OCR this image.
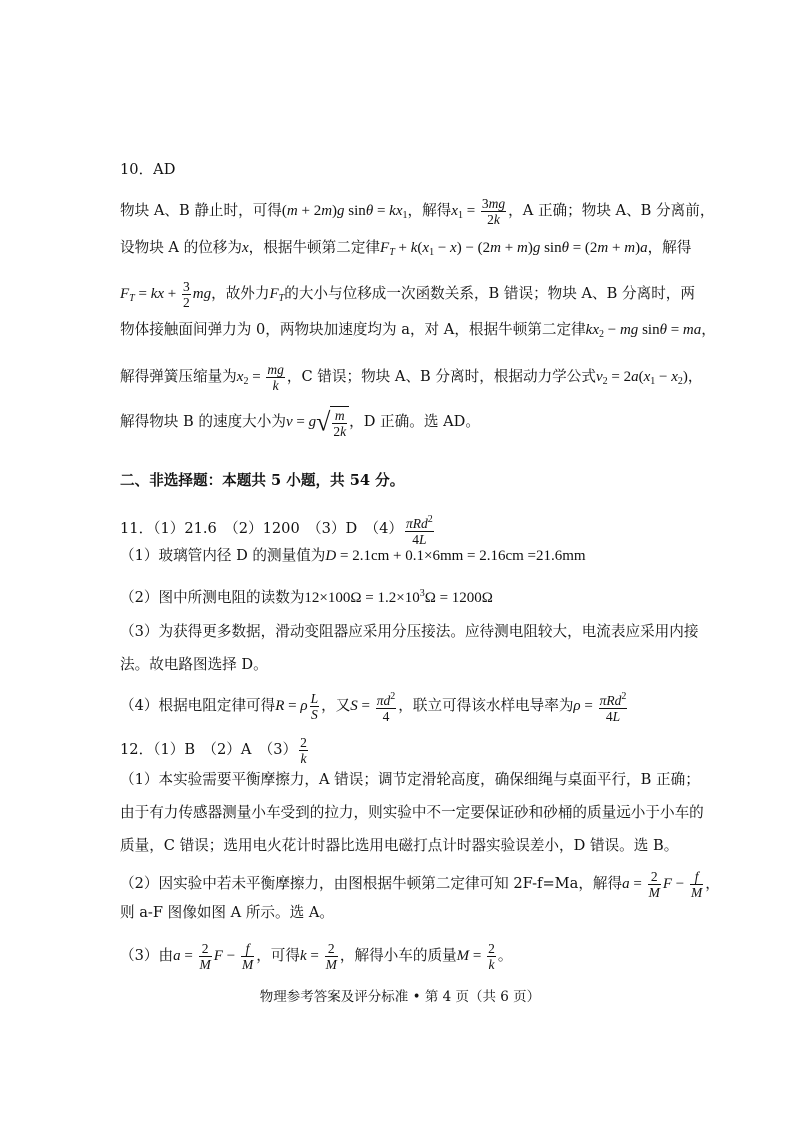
10．AD
物块 A、B 静止时，可得(m + 2m)g $\sin\theta = kx_1$，解得$x_1 = \frac{3mg}{2k}$ ，A 正确；物块 A、B 分离前，
设物块 A 的位移为x，根据牛顿第二定律$F_T + k(x_1 - x) - (2m + m)g$ sinθ = (2m + m)a，解得
$F_T$ = kx + $\frac{3}{2}$ mg，故外力$F_T$的大小与位移成一次函数关系，B 错误；物块 A、B 分离时，两
物体接触面间弹力为 0，两物块加速度均为 a，对 A，根据牛顿第二定律$kx_2$ − mg sinθ = ma，
解得弹簧压缩量为$x_2 = \frac{mg}{k}$ ，C 错误；物块 A、B 分离时，根据动力学公式$v_2 = 2a(x_1 - x_2)$，
解得物块 B 的速度大小为$v = g√ \frac{m}{2k}$ ，D 正确。选 AD。
二、非选择题：本题共 5 小题，共 54 分。
11．（1）21.6　（2）1200　（3）D　$(4) \frac{\pi Rd^2}{4L}$
（1）玻璃管内径 D 的测量值为D = 2.1cm + 0.1×6mm = 2.16cm =21.6mm
（2）图中所测电阻的读数为$12\times 100\Omega = 1.2\times 10^3\Omega = 1200\Omega$
（3）为获得更多数据，滑动变阻器应采用分压接法。应待测电阻较大，电流表应采用内接
法。故电路图选择 D。
（4）根据电阻定律可得R = ρ $\frac{L}{S}$ ，又$S = \frac{\pi d^2}{4}$ ，联立可得该水样电导率为$\rho = \frac{\pi Rd^2}{4L}$
12．（1）B　（2）A　$(3) \frac{2}{k}$
（1）本实验需要平衡摩擦力，A 错误；调节定滑轮高度，确保细绳与桌面平行，B 正确；
由于有力传感器测量小车受到的拉力，则实验中不一定要保证砂和砂桶的质量远小于小车的
质量，C 错误；选用电火花计时器比选用电磁打点计时器实验误差小，D 错误。选 B。
（2）因实验中若未平衡摩擦力，由图根据牛顿第二定律可知 2F-f=Ma，解得$a = \frac{2}{M}$ $F - \frac{f}{M}$ ，
则 a-F 图像如图 A 所示。选 A。
（3）由$a = \frac{2}{M}$ $F - \frac{f}{M}$ ，可得$k = \frac{2}{M}$ ，解得小车的质量$M = \frac{2}{k}$ 。
物理参考答案及评分标准 • 第 4 页（共 6 页）
